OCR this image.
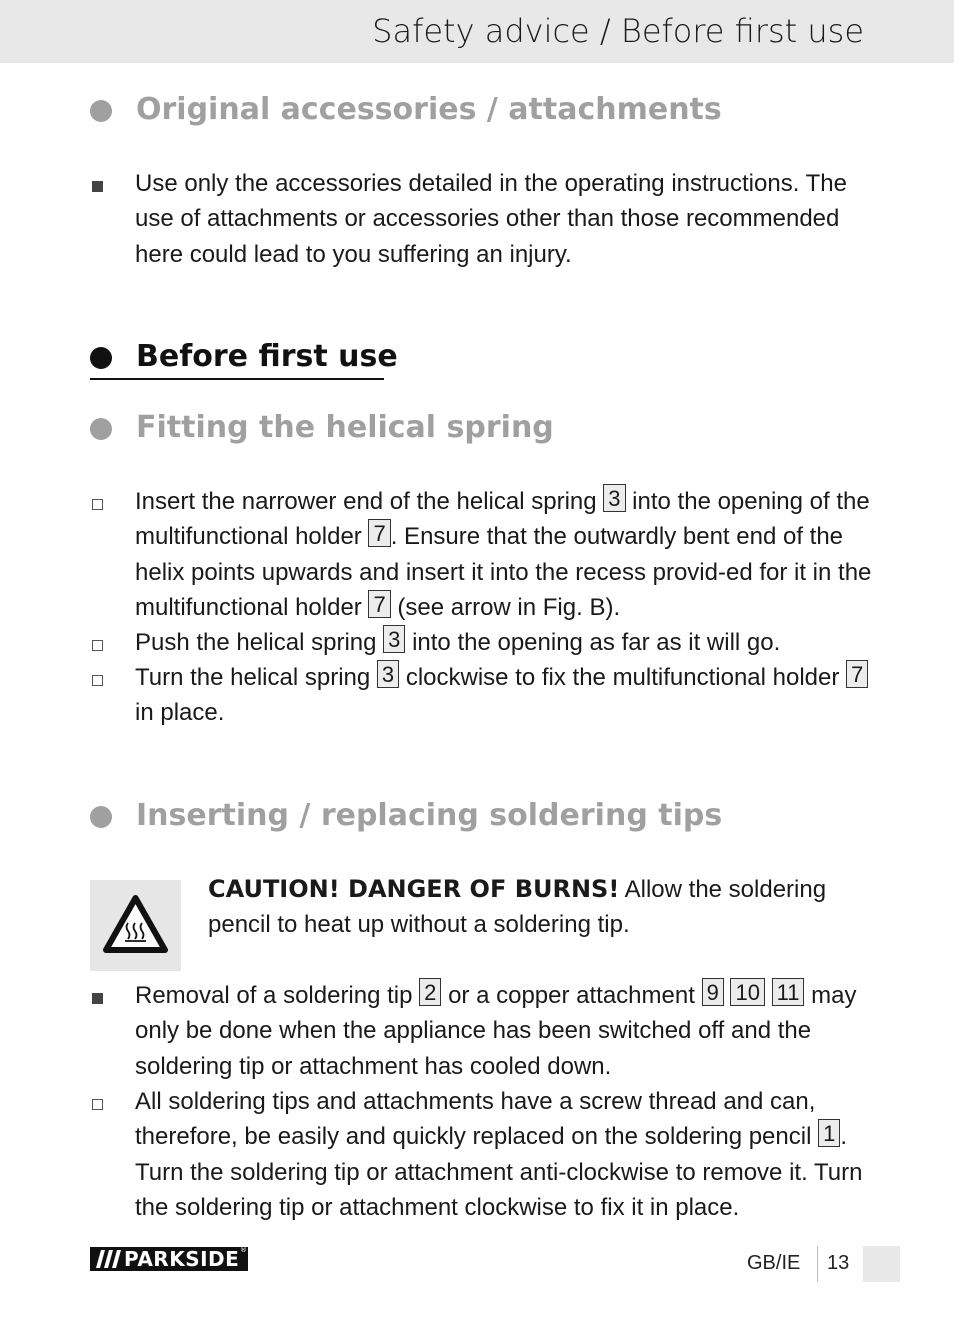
Safety advice / Before first use
Original accessories / attachments
Use only the accessories detailed in the operating instructions. The use of attachments or accessories other than those recommended here could lead to you suffering an injury.
Before first use
Fitting the helical spring
Insert the narrower end of the helical spring 3 into the opening of the multifunctional holder 7 . Ensure that the outwardly bent end of the helix points upwards and insert it into the recess provid-ed for it in the multifunctional holder 7 (see arrow in Fig. B).
Push the helical spring 3 into the opening as far as it will go.
Turn the helical spring 3 clockwise to fix the multifunctional holder 7 in place.
Inserting / replacing soldering tips
CAUTION! DANGER OF BURNS! Allow the soldering pencil to heat up without a soldering tip.
Removal of a soldering tip 2 or a copper attachment 9 10 11 may only be done when the appliance has been switched off and the soldering tip or attachment has cooled down.
All soldering tips and attachments have a screw thread and can, therefore, be easily and quickly replaced on the soldering pencil 1 . Turn the soldering tip or attachment anti-clockwise to remove it. Turn the soldering tip or attachment clockwise to fix it in place.
PARKSIDE ®
GB/IE 13
